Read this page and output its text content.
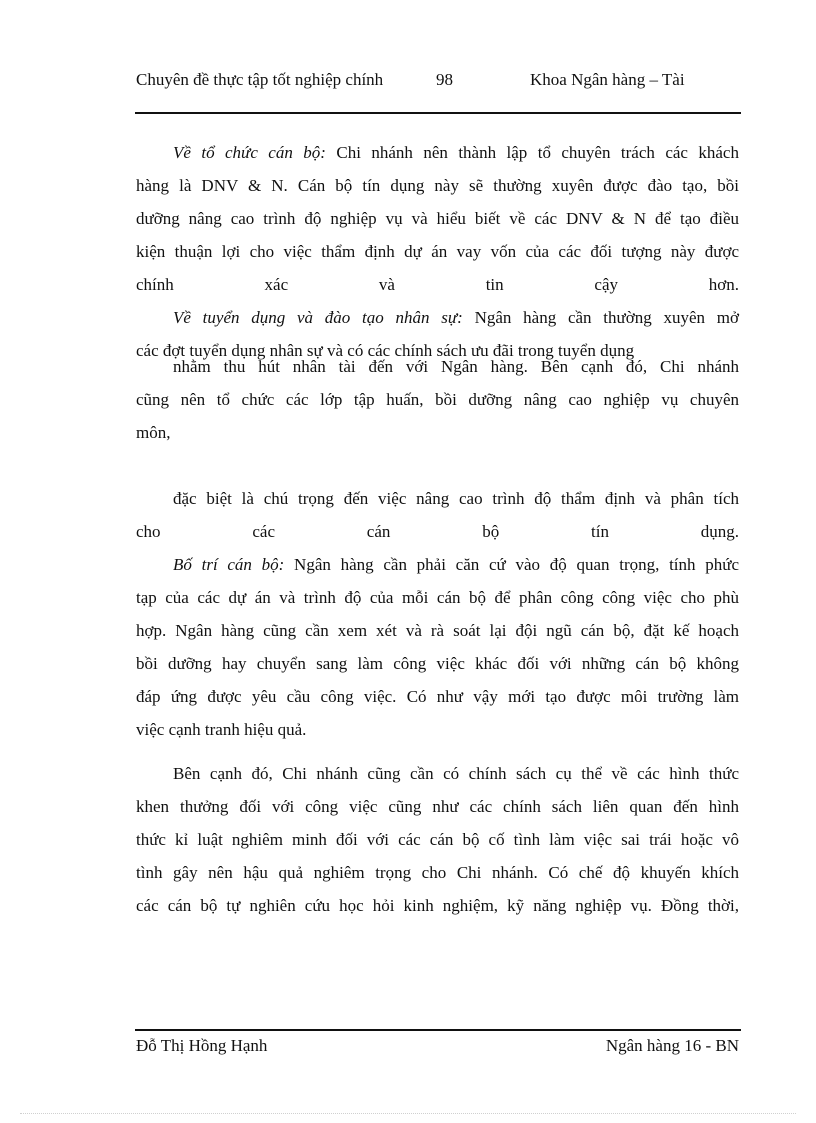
Chuyên đề thực tập tốt nghiệp chính	98	Khoa Ngân hàng – Tài
Về tổ chức cán bộ: Chi nhánh nên thành lập tổ chuyên trách các khách
hàng là DNV & N. Cán bộ tín dụng này sẽ thường xuyên được đào tạo, bồi
dưỡng nâng cao trình độ nghiệp vụ và hiểu biết về các DNV & N để tạo điều
kiện thuận lợi cho việc thẩm định dự án vay vốn của các đối tượng này được
chính xác và tin cậy hơn.
Về tuyển dụng và đào tạo nhân sự: Ngân hàng cần thường xuyên mở
các đợt tuyển dụng nhân sự và có các chính sách ưu đãi trong tuyển dụng
nhằm thu hút nhân tài đến với Ngân hàng. Bên cạnh đó, Chi nhánh
cũng nên tổ chức các lớp tập huấn, bồi dưỡng nâng cao nghiệp vụ chuyên
môn,
đặc biệt là chú trọng đến việc nâng cao trình độ thẩm định và phân tích
cho các cán bộ tín dụng.
Bố trí cán bộ: Ngân hàng cần phải căn cứ vào độ quan trọng, tính phức
tạp của các dự án và trình độ của mỗi cán bộ để phân công công việc cho phù
hợp. Ngân hàng cũng cần xem xét và rà soát lại đội ngũ cán bộ, đặt kế hoạch
bồi dưỡng hay chuyển sang làm công việc khác đối với những cán bộ không
đáp ứng được yêu cầu công việc. Có như vậy mới tạo được môi trường làm
việc cạnh tranh hiệu quả.
Bên cạnh đó, Chi nhánh cũng cần có chính sách cụ thể về các hình thức
khen thưởng đối với công việc cũng như các chính sách liên quan đến hình
thức kỉ luật nghiêm minh đối với các cán bộ cố tình làm việc sai trái hoặc vô
tình gây nên hậu quả nghiêm trọng cho Chi nhánh. Có chế độ khuyến khích
các cán bộ tự nghiên cứu học hỏi kinh nghiệm, kỹ năng nghiệp vụ. Đồng thời,
Đỗ Thị Hồng Hạnh	Ngân hàng 16 - BN
